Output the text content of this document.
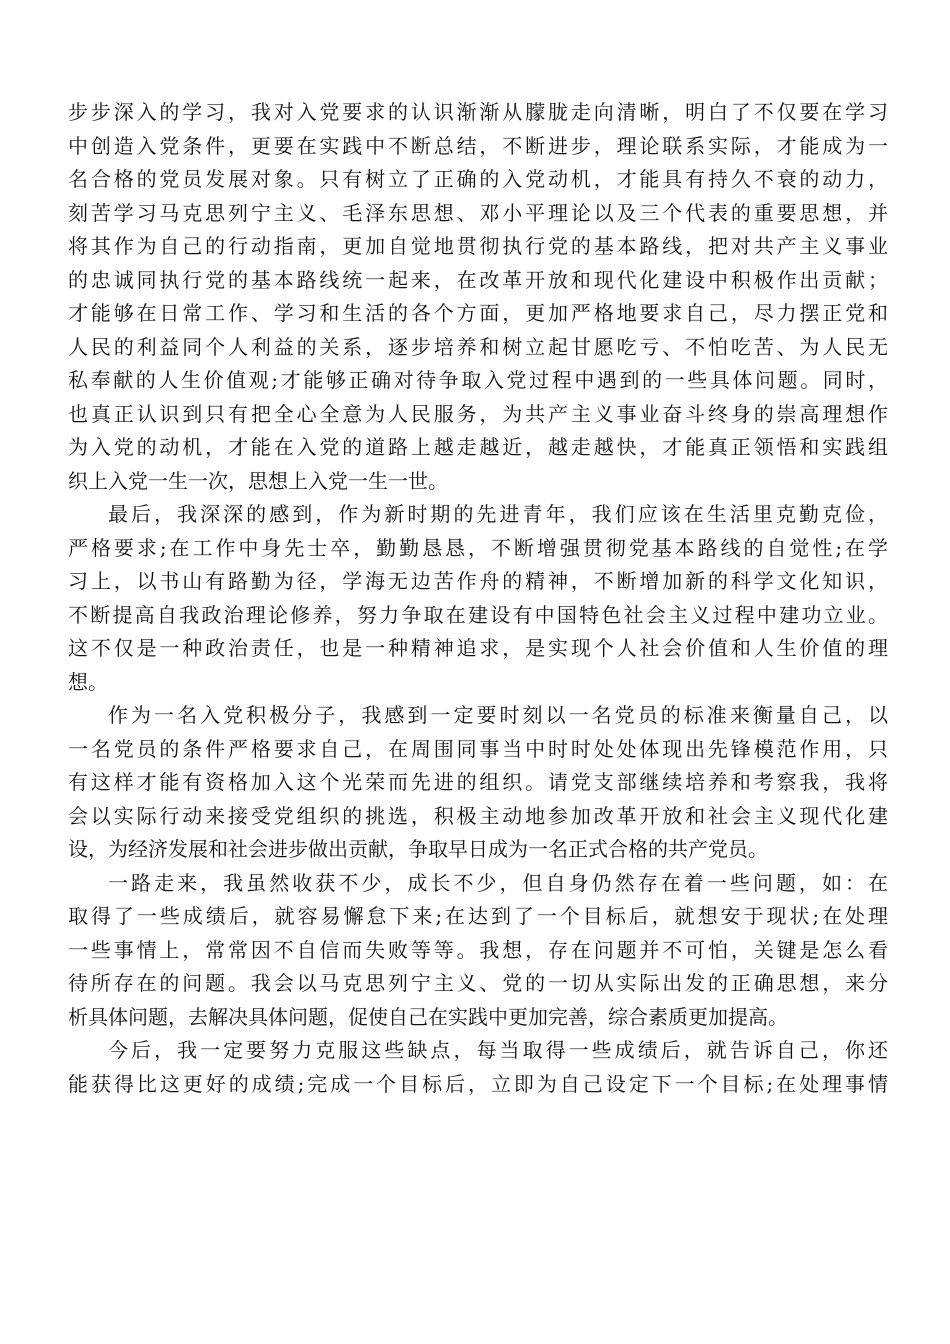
步步深入的学习，我对入党要求的认识渐渐从朦胧走向清晰，明白了不仅要在学习
中创造入党条件，更要在实践中不断总结，不断进步，理论联系实际，才能成为一
名合格的党员发展对象。只有树立了正确的入党动机，才能具有持久不衰的动力，
刻苦学习马克思列宁主义、毛泽东思想、邓小平理论以及三个代表的重要思想，并
将其作为自己的行动指南，更加自觉地贯彻执行党的基本路线，把对共产主义事业
的忠诚同执行党的基本路线统一起来，在改革开放和现代化建设中积极作出贡献；
才能够在日常工作、学习和生活的各个方面，更加严格地要求自己，尽力摆正党和
人民的利益同个人利益的关系，逐步培养和树立起甘愿吃亏、不怕吃苦、为人民无
私奉献的人生价值观;才能够正确对待争取入党过程中遇到的一些具体问题。同时，
也真正认识到只有把全心全意为人民服务，为共产主义事业奋斗终身的崇高理想作
为入党的动机，才能在入党的道路上越走越近，越走越快，才能真正领悟和实践组
织上入党一生一次，思想上入党一生一世。
最后，我深深的感到，作为新时期的先进青年，我们应该在生活里克勤克俭，
严格要求;在工作中身先士卒，勤勤恳恳，不断增强贯彻党基本路线的自觉性;在学
习上，以书山有路勤为径，学海无边苦作舟的精神，不断增加新的科学文化知识，
不断提高自我政治理论修养，努力争取在建设有中国特色社会主义过程中建功立业。
这不仅是一种政治责任，也是一种精神追求，是实现个人社会价值和人生价值的理
想。
作为一名入党积极分子，我感到一定要时刻以一名党员的标准来衡量自己，以
一名党员的条件严格要求自己，在周围同事当中时时处处体现出先锋模范作用，只
有这样才能有资格加入这个光荣而先进的组织。请党支部继续培养和考察我，我将
会以实际行动来接受党组织的挑选，积极主动地参加改革开放和社会主义现代化建
设，为经济发展和社会进步做出贡献，争取早日成为一名正式合格的共产党员。
一路走来，我虽然收获不少，成长不少，但自身仍然存在着一些问题，如：在
取得了一些成绩后，就容易懈怠下来;在达到了一个目标后，就想安于现状;在处理
一些事情上，常常因不自信而失败等等。我想，存在问题并不可怕，关键是怎么看
待所存在的问题。我会以马克思列宁主义、党的一切从实际出发的正确思想，来分
析具体问题，去解决具体问题，促使自己在实践中更加完善，综合素质更加提高。
今后，我一定要努力克服这些缺点，每当取得一些成绩后，就告诉自己，你还
能获得比这更好的成绩;完成一个目标后，立即为自己设定下一个目标;在处理事情
